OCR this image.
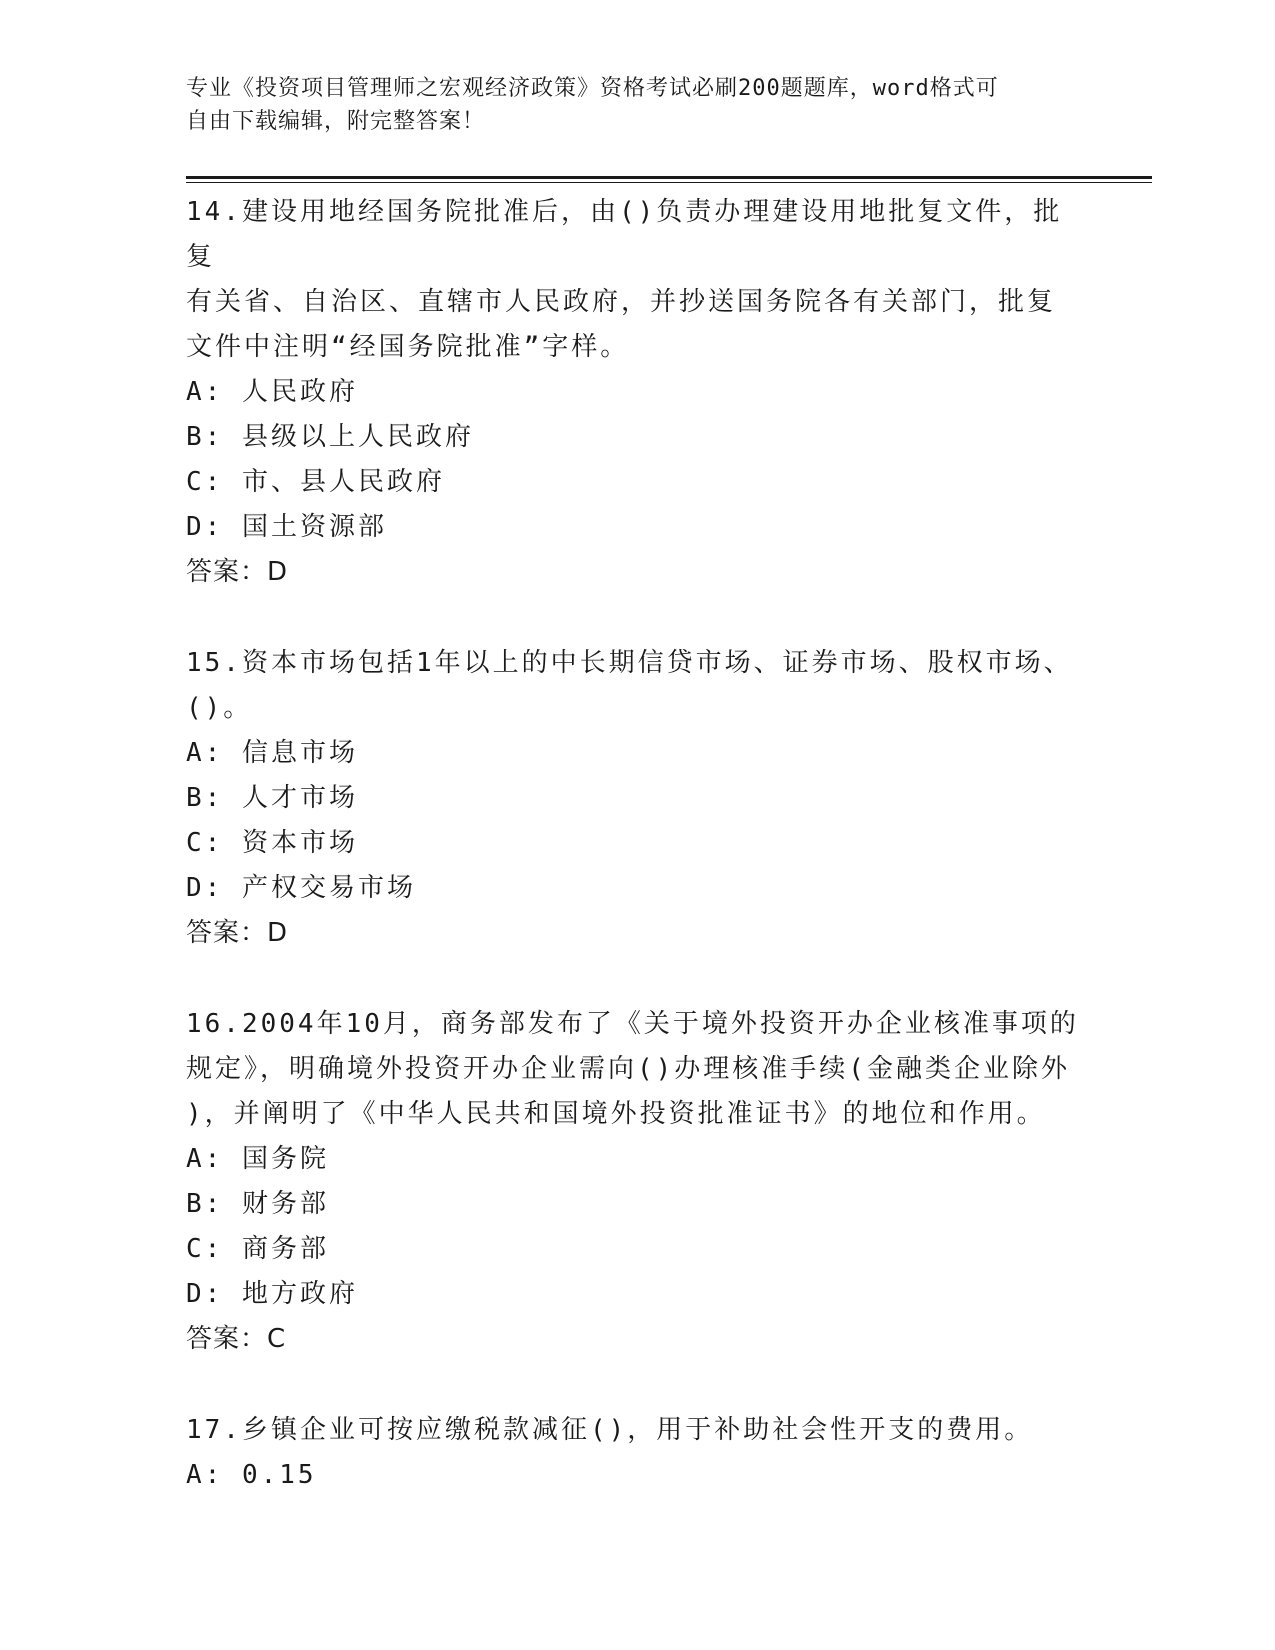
专业《投资项目管理师之宏观经济政策》资格考试必刷200题题库，word格式可
自由下载编辑，附完整答案！
14.建设用地经国务院批准后，由()负责办理建设用地批复文件，批复
有关省、自治区、直辖市人民政府，并抄送国务院各有关部门，批复
文件中注明“经国务院批准”字样。
A: 人民政府
B: 县级以上人民政府
C: 市、县人民政府
D: 国土资源部
答案：D
15.资本市场包括1年以上的中长期信贷市场、证券市场、股权市场、
()。
A: 信息市场
B: 人才市场
C: 资本市场
D: 产权交易市场
答案：D
16.2004年10月，商务部发布了《关于境外投资开办企业核准事项的
规定》，明确境外投资开办企业需向()办理核准手续(金融类企业除外
)，并阐明了《中华人民共和国境外投资批准证书》的地位和作用。
A: 国务院
B: 财务部
C: 商务部
D: 地方政府
答案：C
17.乡镇企业可按应缴税款减征()，用于补助社会性开支的费用。
A: 0.15
